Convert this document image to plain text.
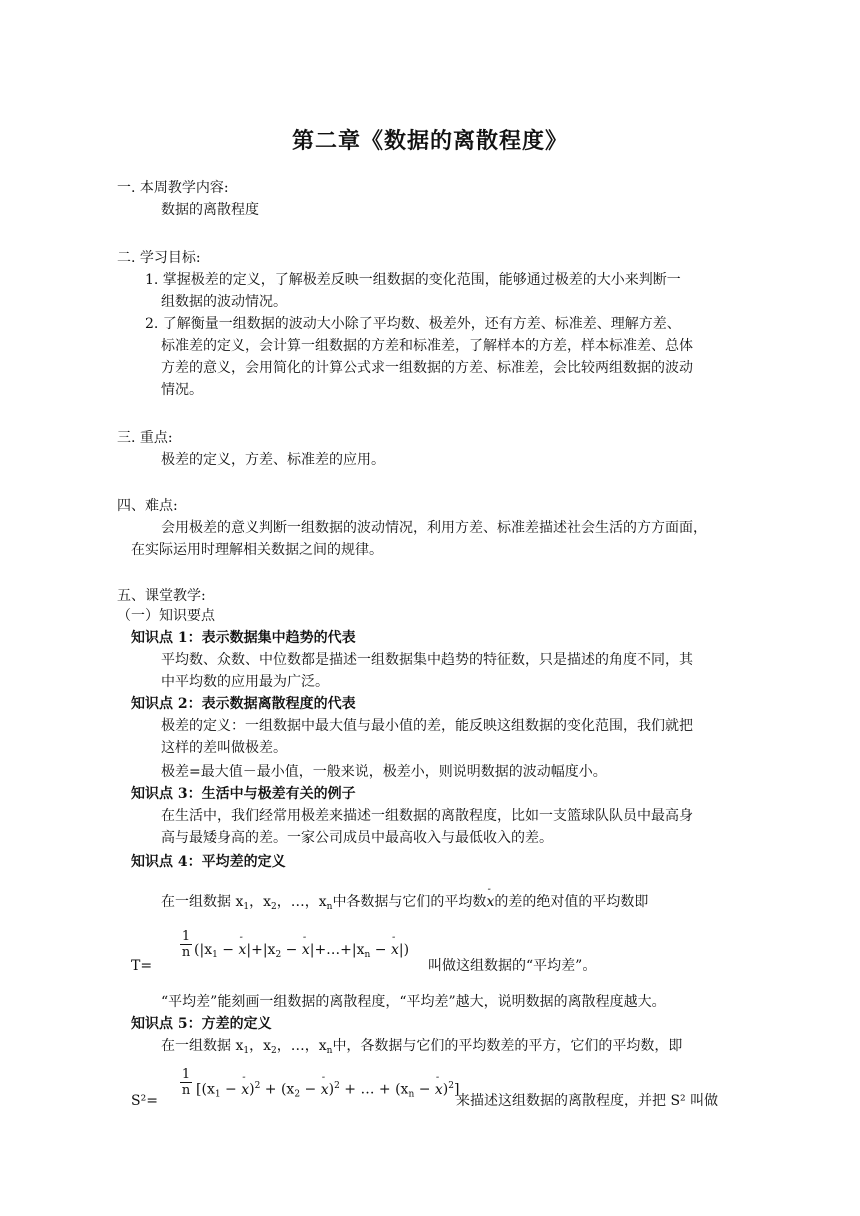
第二章《数据的离散程度》
一. 本周教学内容:
数据的离散程度
二. 学习目标:
1. 掌握极差的定义，了解极差反映一组数据的变化范围，能够通过极差的大小来判断一
组数据的波动情况。
2. 了解衡量一组数据的波动大小除了平均数、极差外，还有方差、标准差、理解方差、
标准差的定义，会计算一组数据的方差和标准差，了解样本的方差，样本标准差、总体
方差的意义，会用简化的计算公式求一组数据的方差、标准差，会比较两组数据的波动
情况。
三. 重点:
极差的定义，方差、标准差的应用。
四、难点:
会用极差的意义判断一组数据的波动情况，利用方差、标准差描述社会生活的方方面面，
在实际运用时理解相关数据之间的规律。
五、课堂教学:
（一）知识要点
知识点 1：表示数据集中趋势的代表
平均数、众数、中位数都是描述一组数据集中趋势的特征数，只是描述的角度不同，其
中平均数的应用最为广泛。
知识点 2：表示数据离散程度的代表
极差的定义：一组数据中最大值与最小值的差，能反映这组数据的变化范围，我们就把
这样的差叫做极差。
极差=最大值－最小值，一般来说，极差小，则说明数据的波动幅度小。
知识点 3：生活中与极差有关的例子
在生活中，我们经常用极差来描述一组数据的离散程度，比如一支篮球队队员中最高身
高与最矮身高的差。一家公司成员中最高收入与最低收入的差。
知识点 4：平均差的定义
在一组数据 $x_1$，$x_2$，…，$x_n$中各数据与它们的平均数- x的差的绝对值的平均数即
1
n
T=
($|x_1$ − - $x|+|x_2$ − - $x|+\dots+|x_n$ − - x|)
叫做这组数据的“平均差”。
“平均差”能刻画一组数据的离散程度，“平均差”越大，说明数据的离散程度越大。
知识点 5：方差的定义
在一组数据 $x_1$，$x_2$，…，$x_n$中，各数据与它们的平均数差的平方，它们的平均数，即
1
n
S²=
[($x_1$ − - $x)^2 + (x_2$ − - x)$^2$ + … + ($x_n$ − - x)$^2$]
来描述这组数据的离散程度，并把 S² 叫做
